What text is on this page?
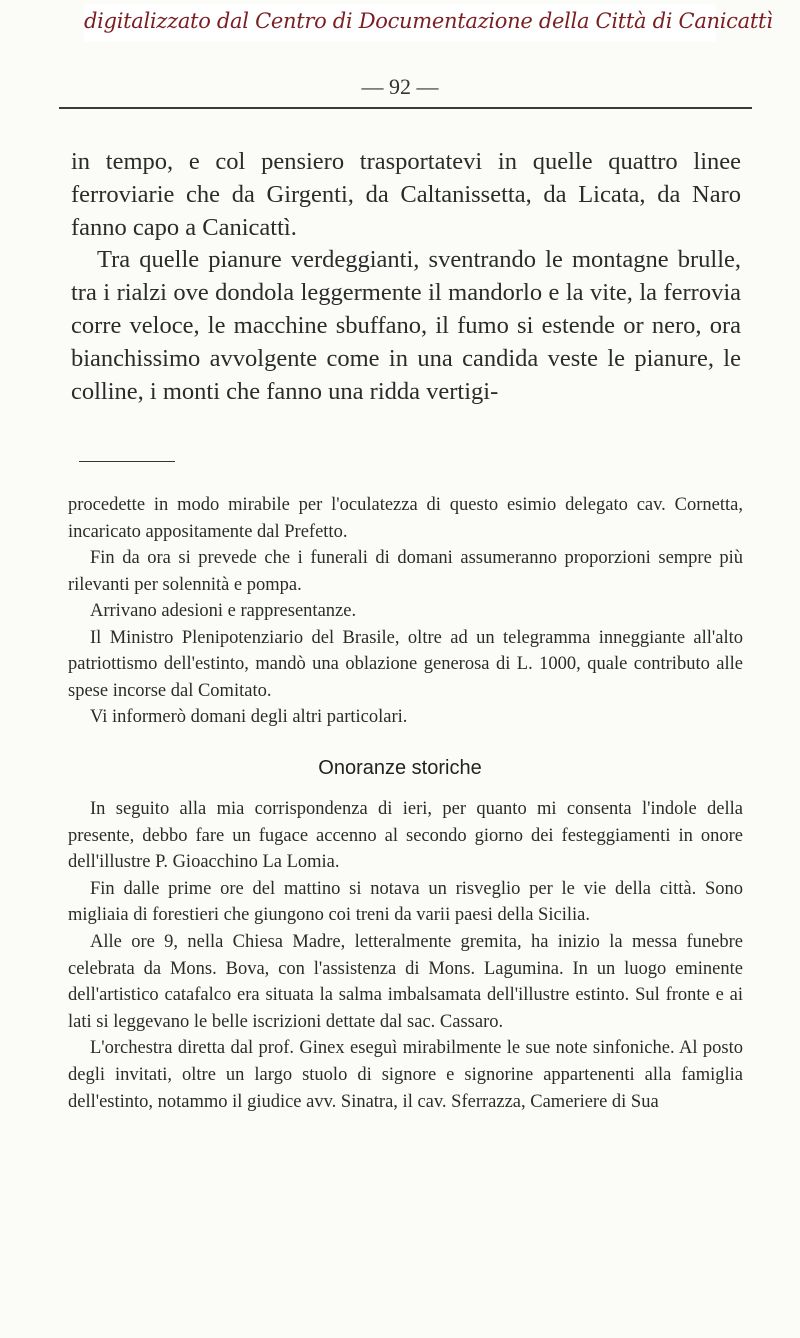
digitalizzato dal Centro di Documentazione della Città di Canicattì
— 92 —

in tempo, e col pensiero trasportatevi in quelle quattro linee ferroviarie che da Girgenti, da Caltanissetta, da Licata, da Naro fanno capo a Canicattì.

Tra quelle pianure verdeggianti, sventrando le montagne brulle, tra i rialzi ove dondola leggermente il mandorlo e la vite, la ferrovia corre veloce, le macchine sbuffano, il fumo si estende or nero, ora bianchissimo avvolgente come in una candida veste le pianure, le colline, i monti che fanno una ridda vertigi-

procedette in modo mirabile per l'oculatezza di questo esimio delegato cav. Cornetta, incaricato appositamente dal Prefetto.

Fin da ora si prevede che i funerali di domani assumeranno proporzioni sempre più rilevanti per solennità e pompa.

Arrivano adesioni e rappresentanze.

Il Ministro Plenipotenziario del Brasile, oltre ad un telegramma inneggiante all'alto patriottismo dell'estinto, mandò una oblazione generosa di L. 1000, quale contributo alle spese incorse dal Comitato.

Vi informerò domani degli altri particolari.

Onoranze storiche

In seguito alla mia corrispondenza di ieri, per quanto mi consenta l'indole della presente, debbo fare un fugace accenno al secondo giorno dei festeggiamenti in onore dell'illustre P. Gioacchino La Lomia.

Fin dalle prime ore del mattino si notava un risveglio per le vie della città. Sono migliaia di forestieri che giungono coi treni da varii paesi della Sicilia.

Alle ore 9, nella Chiesa Madre, letteralmente gremita, ha inizio la messa funebre celebrata da Mons. Bova, con l'assistenza di Mons. Lagumina. In un luogo eminente dell'artistico catafalco era situata la salma imbalsamata dell'illustre estinto. Sul fronte e ai lati si leggevano le belle iscrizioni dettate dal sac. Cassaro.

L'orchestra diretta dal prof. Ginex eseguì mirabilmente le sue note sinfoniche. Al posto degli invitati, oltre un largo stuolo di signore e signorine appartenenti alla famiglia dell'estinto, notammo il giudice avv. Sinatra, il cav. Sferrazza, Cameriere di Sua
